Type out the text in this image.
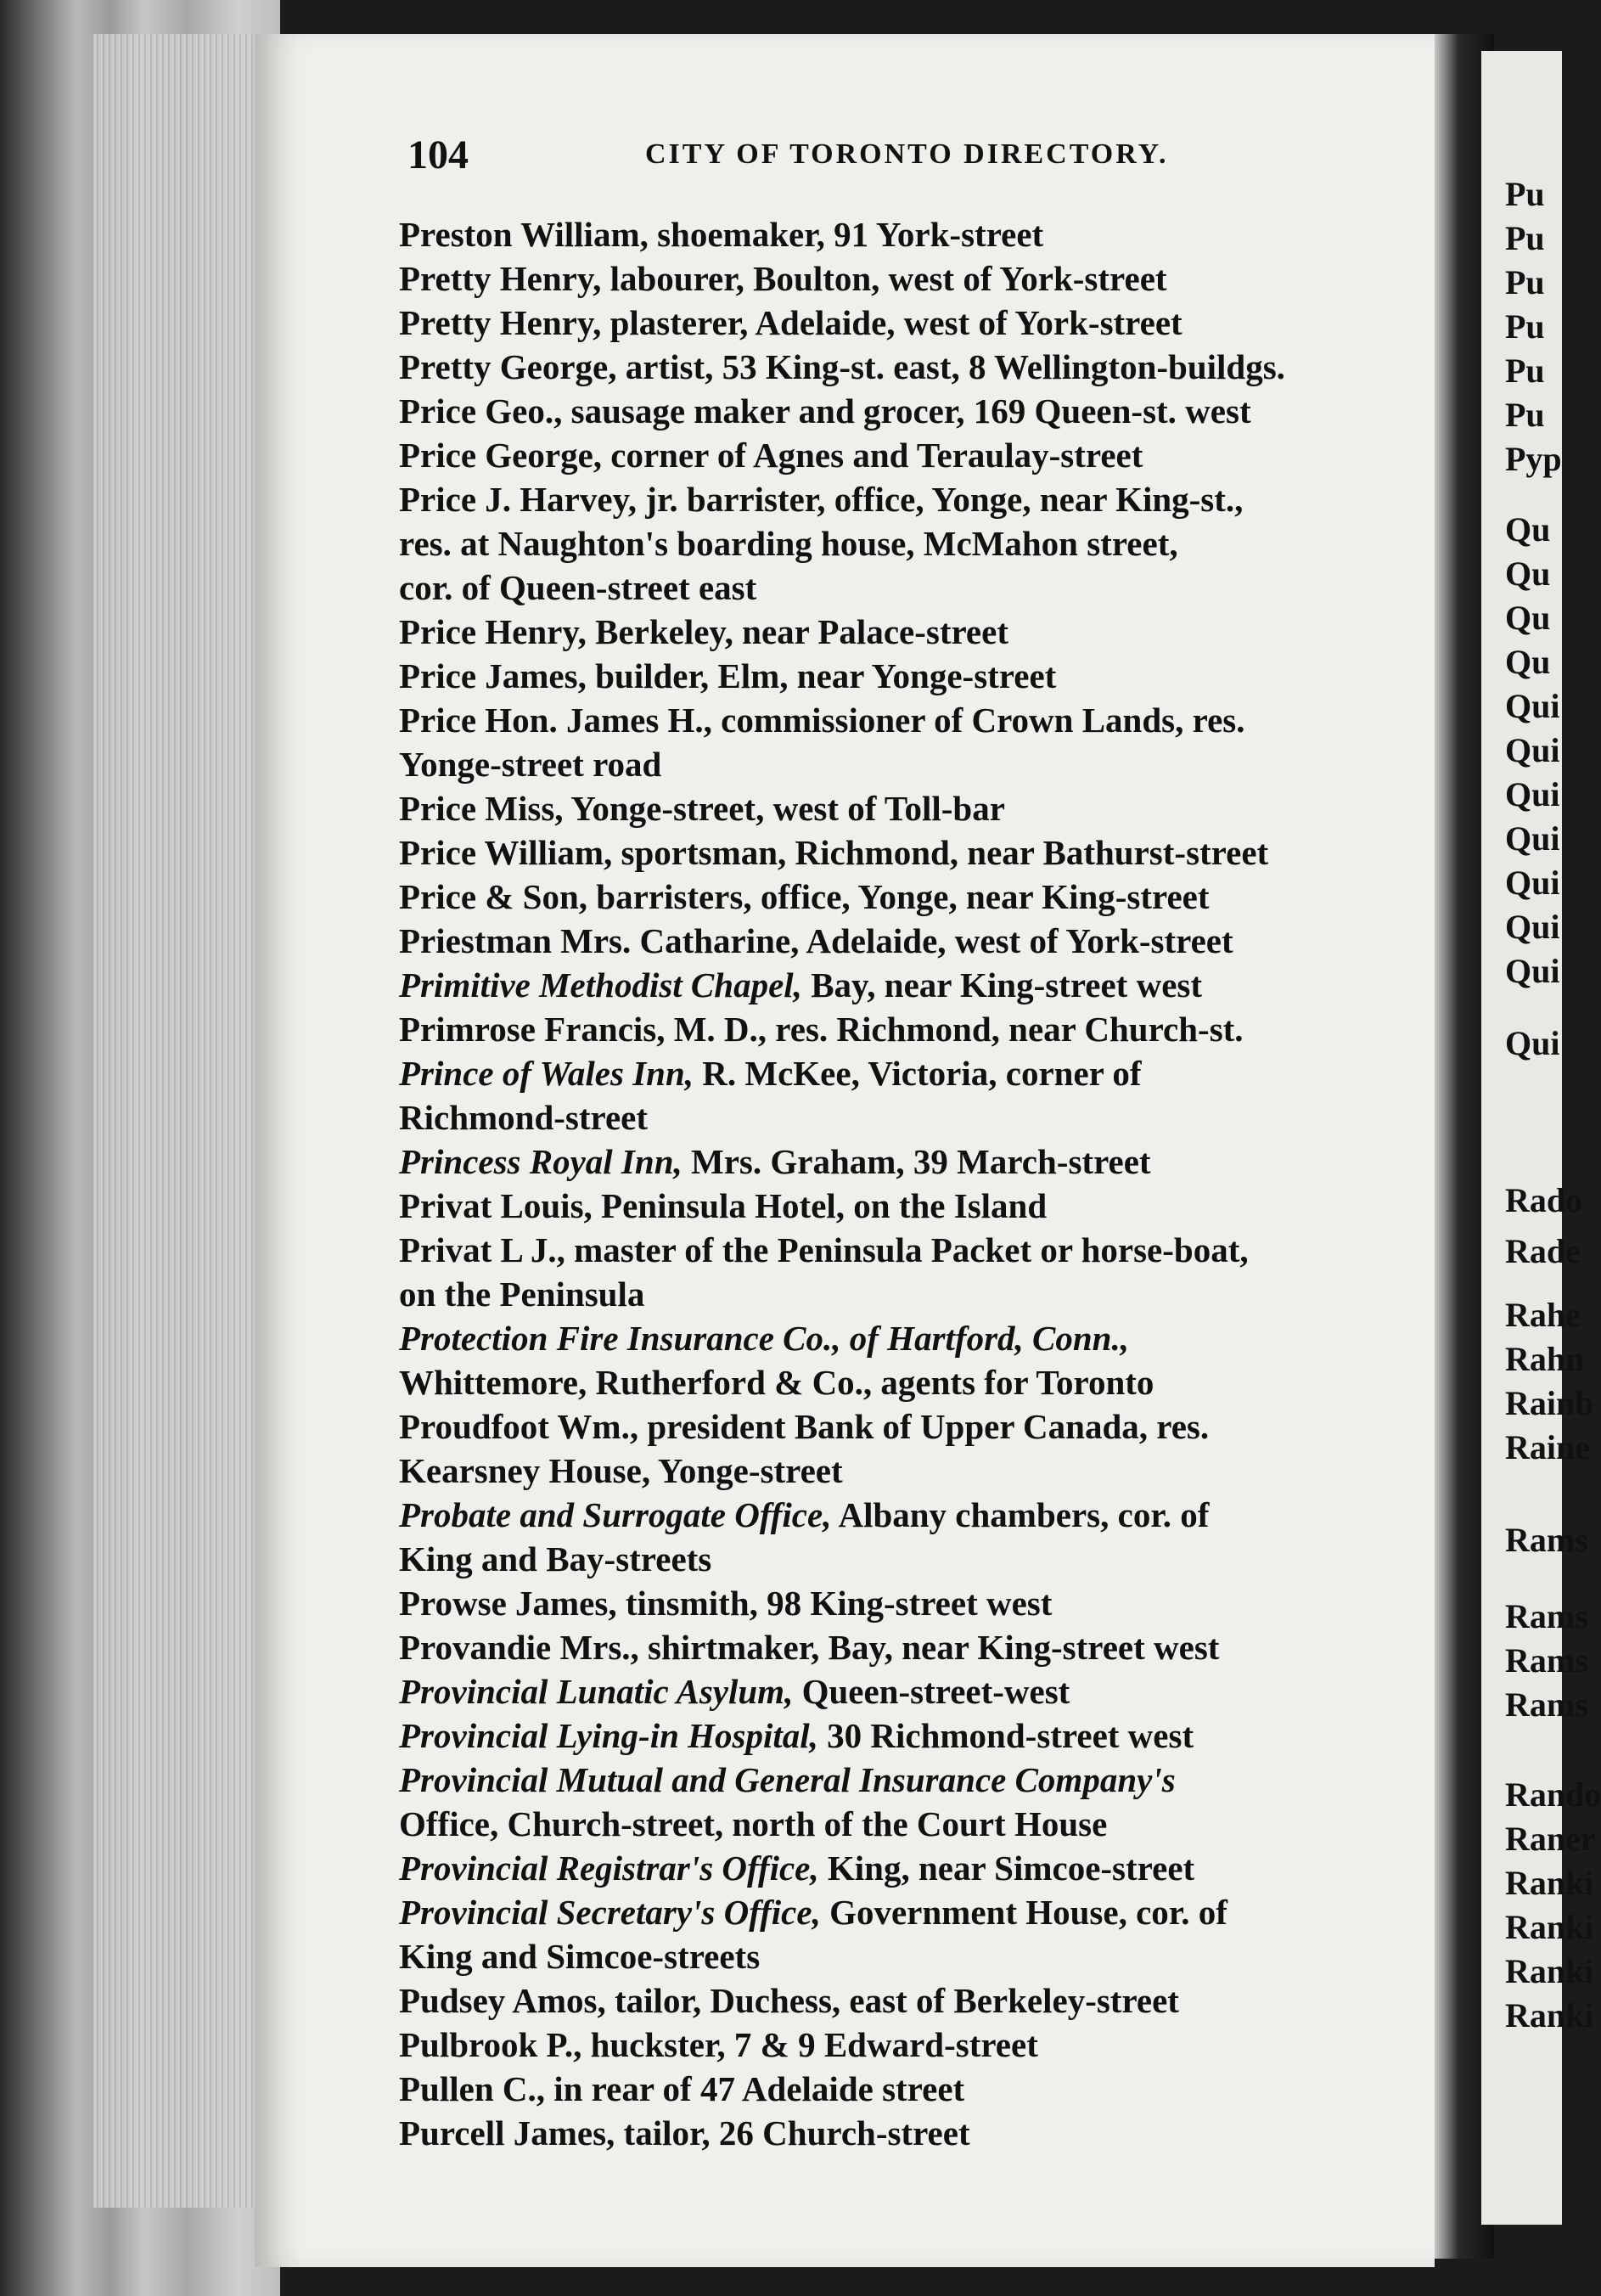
Pu
Pu
Pu
Pu
Pu
Pu
Pyp
Qu
Qu
Qu
Qu
Qui
Qui
Qui
Qui
Qui
Qui
Qui
Qui
Rado
Rade
Rahe
Rahn
Rainb
Raine
Rams
Rams
Rams
Rams
Rando
Raner
Ranki
Ranki
Ranki
Ranki
104	CITY OF TORONTO DIRECTORY.
Preston William, shoemaker, 91 York-street
Pretty Henry, labourer, Boulton, west of York-street
Pretty Henry, plasterer, Adelaide, west of York-street
Pretty George, artist, 53 King-st. east, 8 Wellington-buildgs.
Price Geo., sausage maker and grocer, 169 Queen-st. west
Price George, corner of Agnes and Teraulay-street
Price J. Harvey, jr. barrister, office, Yonge, near King-st.,
res. at Naughton's boarding house, McMahon street,
cor. of Queen-street east
Price Henry, Berkeley, near Palace-street
Price James, builder, Elm, near Yonge-street
Price Hon. James H., commissioner of Crown Lands, res.
Yonge-street road
Price Miss, Yonge-street, west of Toll-bar
Price William, sportsman, Richmond, near Bathurst-street
Price & Son, barristers, office, Yonge, near King-street
Priestman Mrs. Catharine, Adelaide, west of York-street
Primitive Methodist Chapel, Bay, near King-street west
Primrose Francis, M. D., res. Richmond, near Church-st.
Prince of Wales Inn, R. McKee, Victoria, corner of
Richmond-street
Princess Royal Inn, Mrs. Graham, 39 March-street
Privat Louis, Peninsula Hotel, on the Island
Privat L J., master of the Peninsula Packet or horse-boat,
on the Peninsula
Protection Fire Insurance Co., of Hartford, Conn.,
Whittemore, Rutherford & Co., agents for Toronto
Proudfoot Wm., president Bank of Upper Canada, res.
Kearsney House, Yonge-street
Probate and Surrogate Office, Albany chambers, cor. of
King and Bay-streets
Prowse James, tinsmith, 98 King-street west
Provandie Mrs., shirtmaker, Bay, near King-street west
Provincial Lunatic Asylum, Queen-street-west
Provincial Lying-in Hospital, 30 Richmond-street west
Provincial Mutual and General Insurance Company's
Office, Church-street, north of the Court House
Provincial Registrar's Office, King, near Simcoe-street
Provincial Secretary's Office, Government House, cor. of
King and Simcoe-streets
Pudsey Amos, tailor, Duchess, east of Berkeley-street
Pulbrook P., huckster, 7 & 9 Edward-street
Pullen C., in rear of 47 Adelaide street
Purcell James, tailor, 26 Church-street
